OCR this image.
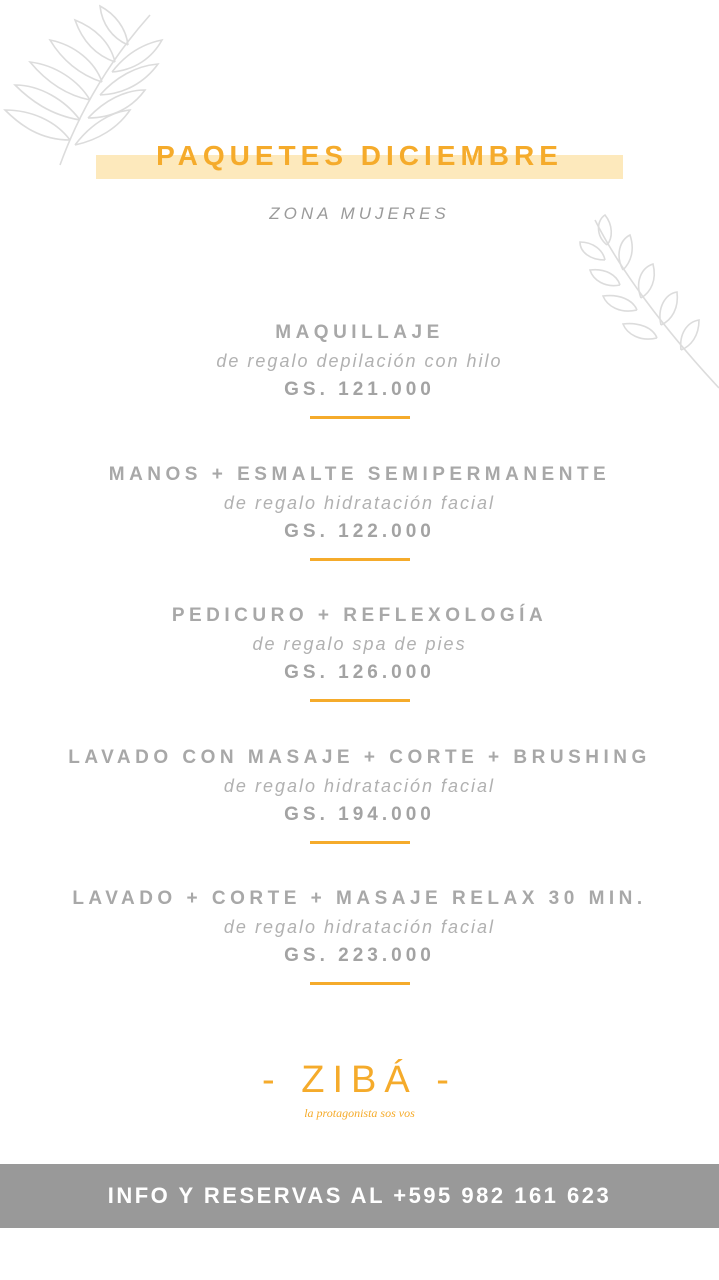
PAQUETES DICIEMBRE
ZONA MUJERES
MAQUILLAJE
de regalo depilación con hilo
GS. 121.000
MANOS + ESMALTE SEMIPERMANENTE
de regalo hidratación facial
GS. 122.000
PEDICURO + REFLEXOLOGÍA
de regalo spa de pies
GS. 126.000
LAVADO CON MASAJE + CORTE + BRUSHING
de regalo hidratación facial
GS. 194.000
LAVADO + CORTE + MASAJE RELAX 30 MIN.
de regalo hidratación facial
GS. 223.000
- ZIBÁ -
la protagonista sos vos
INFO Y RESERVAS AL +595 982 161 623
